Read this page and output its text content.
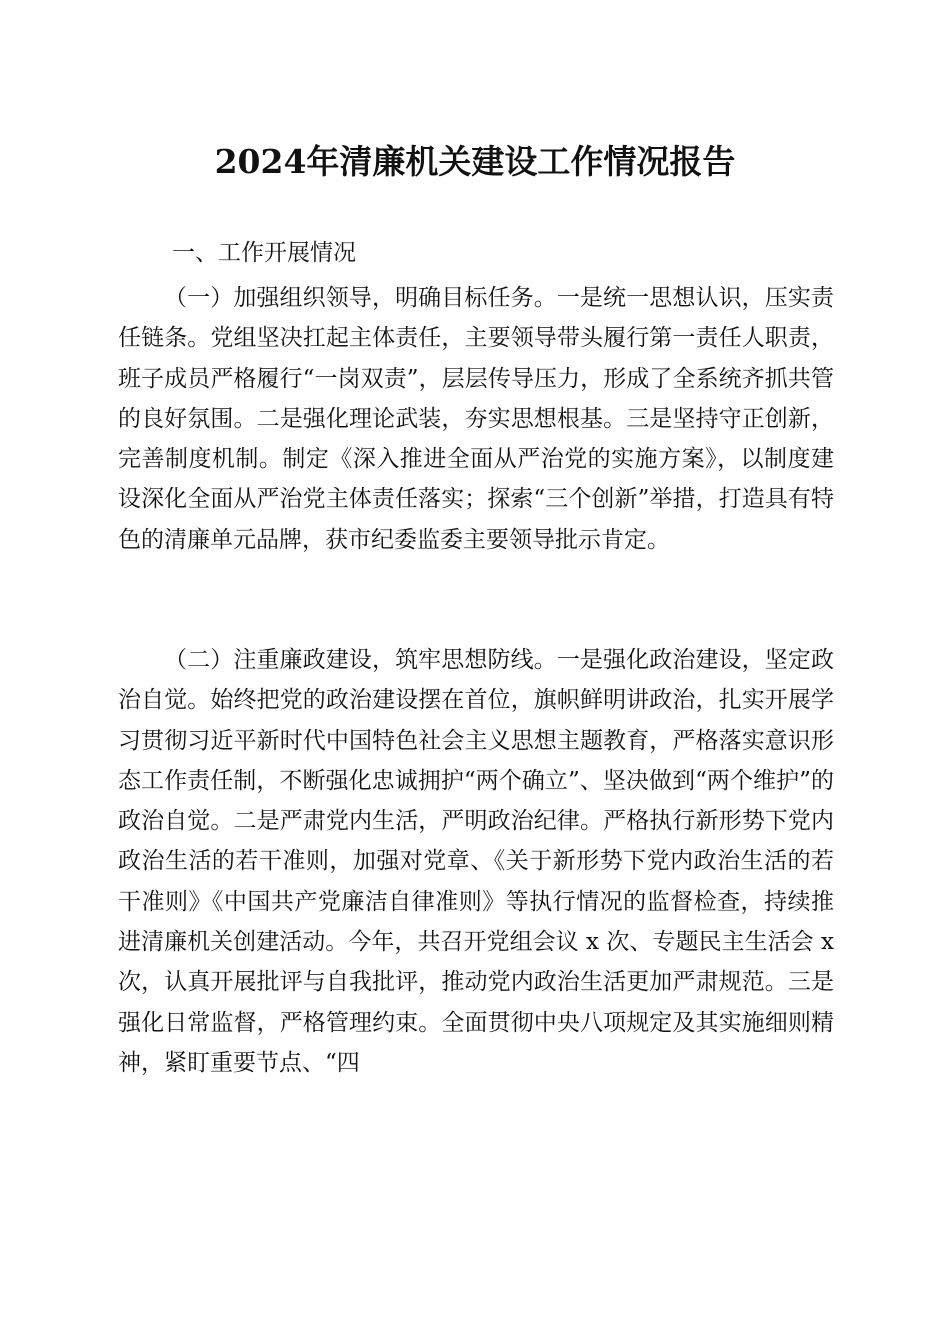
2024年清廉机关建设工作情况报告
一、工作开展情况

（一）加强组织领导，明确目标任务。一是统一思想认识，压实责任链条。党组坚决扛起主体责任，主要领导带头履行第一责任人职责，班子成员严格履行“一岗双责”，层层传导压力，形成了全系统齐抓共管的良好氛围。二是强化理论武装，夯实思想根基。三是坚持守正创新，完善制度机制。制定《深入推进全面从严治党的实施方案》，以制度建设深化全面从严治党主体责任落实；探索“三个创新”举措，打造具有特色的清廉单元品牌，获市纪委监委主要领导批示肯定。

（二）注重廉政建设，筑牢思想防线。一是强化政治建设，坚定政治自觉。始终把党的政治建设摆在首位，旗帜鲜明讲政治，扎实开展学习贯彻习近平新时代中国特色社会主义思想主题教育，严格落实意识形态工作责任制，不断强化忠诚拥护“两个确立”、坚决做到“两个维护”的政治自觉。二是严肃党内生活，严明政治纪律。严格执行新形势下党内政治生活的若干准则，加强对党章、《关于新形势下党内政治生活的若干准则》《中国共产党廉洁自律准则》等执行情况的监督检查，持续推进清廉机关创建活动。今年，共召开党组会议 x 次、专题民主生活会 x 次，认真开展批评与自我批评，推动党内政治生活更加严肃规范。三是强化日常监督，严格管理约束。全面贯彻中央八项规定及其实施细则精神，紧盯重要节点、“四
